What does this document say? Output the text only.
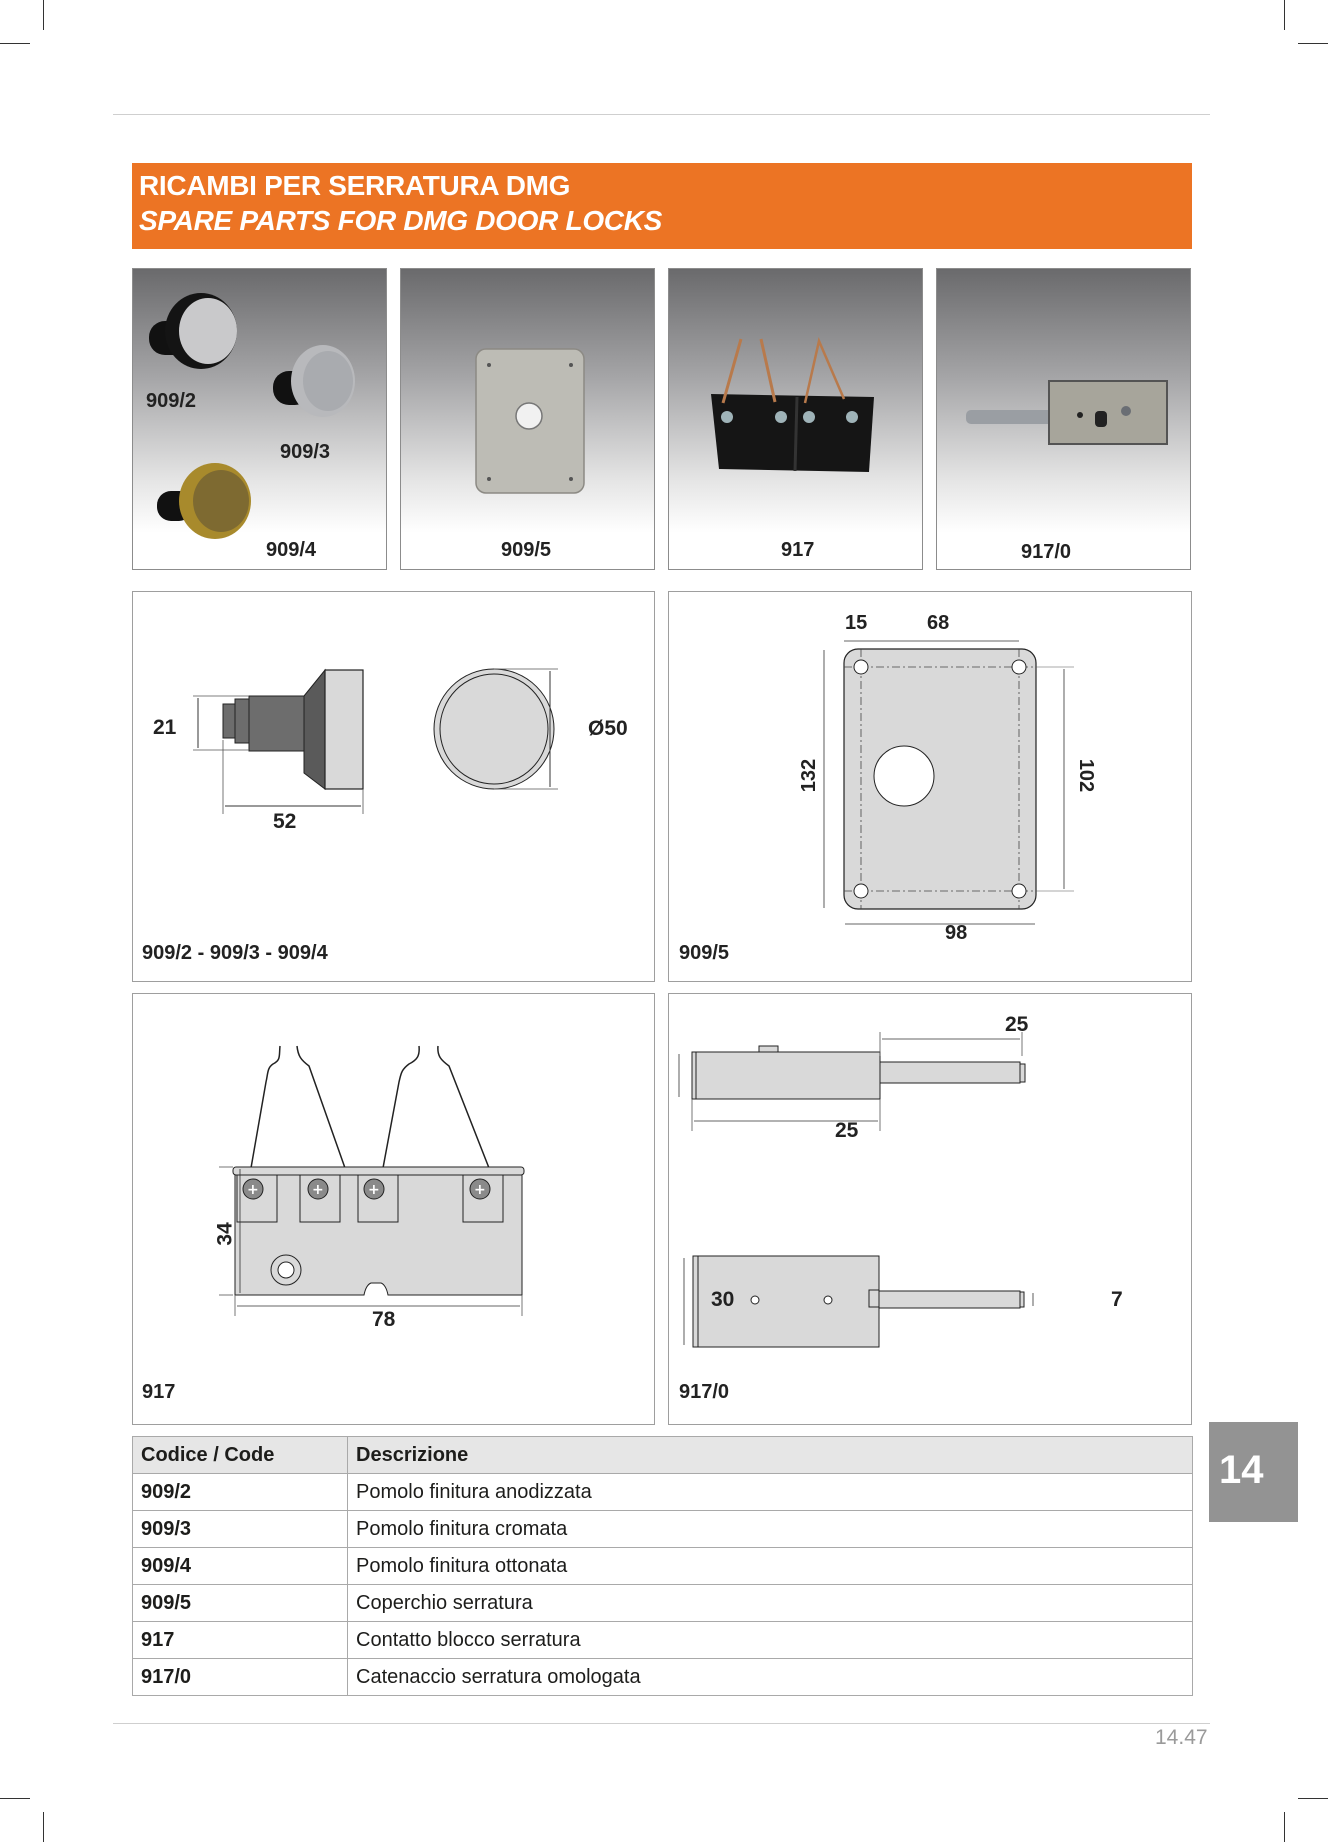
RICAMBI PER SERRATURA DMG
SPARE PARTS FOR DMG DOOR LOCKS
909/2
909/3
909/4	909/5	917	917/0
21
52
Ø50
909/2 - 909/3 - 909/4
15	68
132	102
98
909/5
+	+	+	+
34
78
917
25
25
30	7
917/0
Codice / Code	Descrizione
909/2	Pomolo finitura anodizzata
909/3	Pomolo finitura cromata
909/4	Pomolo finitura ottonata
909/5	Coperchio serratura
917	Contatto blocco serratura
917/0	Catenaccio serratura omologata
14
14.47
